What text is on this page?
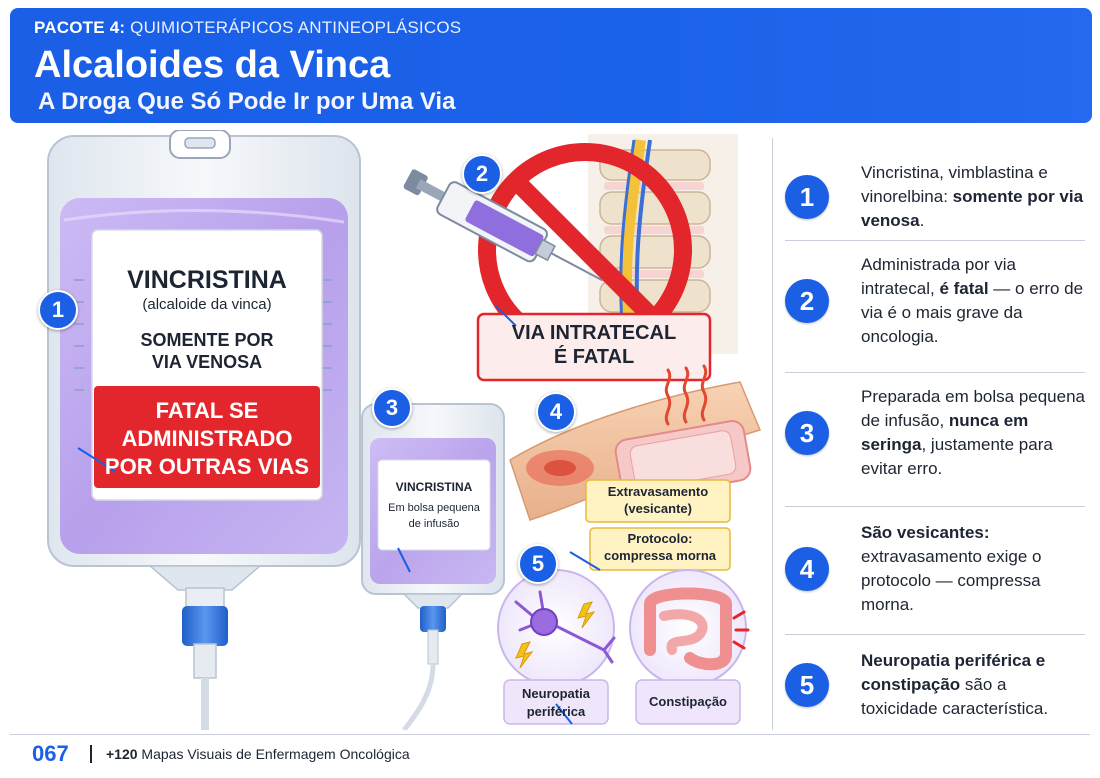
PACOTE 4: QUIMIOTERÁPICOS ANTINEOPLÁSICOS
Alcaloides da Vinca
A Droga Que Só Pode Ir por Uma Via
VINCRISTINA
(alcaloide da vinca)
SOMENTE POR
VIA VENOSA
FATAL SE
ADMINISTRADO
POR OUTRAS VIAS
1
2
VIA INTRATECAL
É FATAL
3
VINCRISTINA
Em bolsa pequena
de infusão
4
Extravasamento
(vesicante)
Protocolo:
compressa morna
5
Neuropatia
periférica
Constipação
1
Vincristina, vimblastina e vinorelbina: somente por via venosa.
2
Administrada por via intratecal, é fatal — o erro de via é o mais grave da oncologia.
3
Preparada em bolsa pequena de infusão, nunca em seringa, justamente para evitar erro.
4
São vesicantes: extravasamento exige o protocolo — compressa morna.
5
Neuropatia periférica e constipação são a toxicidade característica.
067	+120 Mapas Visuais de Enfermagem Oncológica
